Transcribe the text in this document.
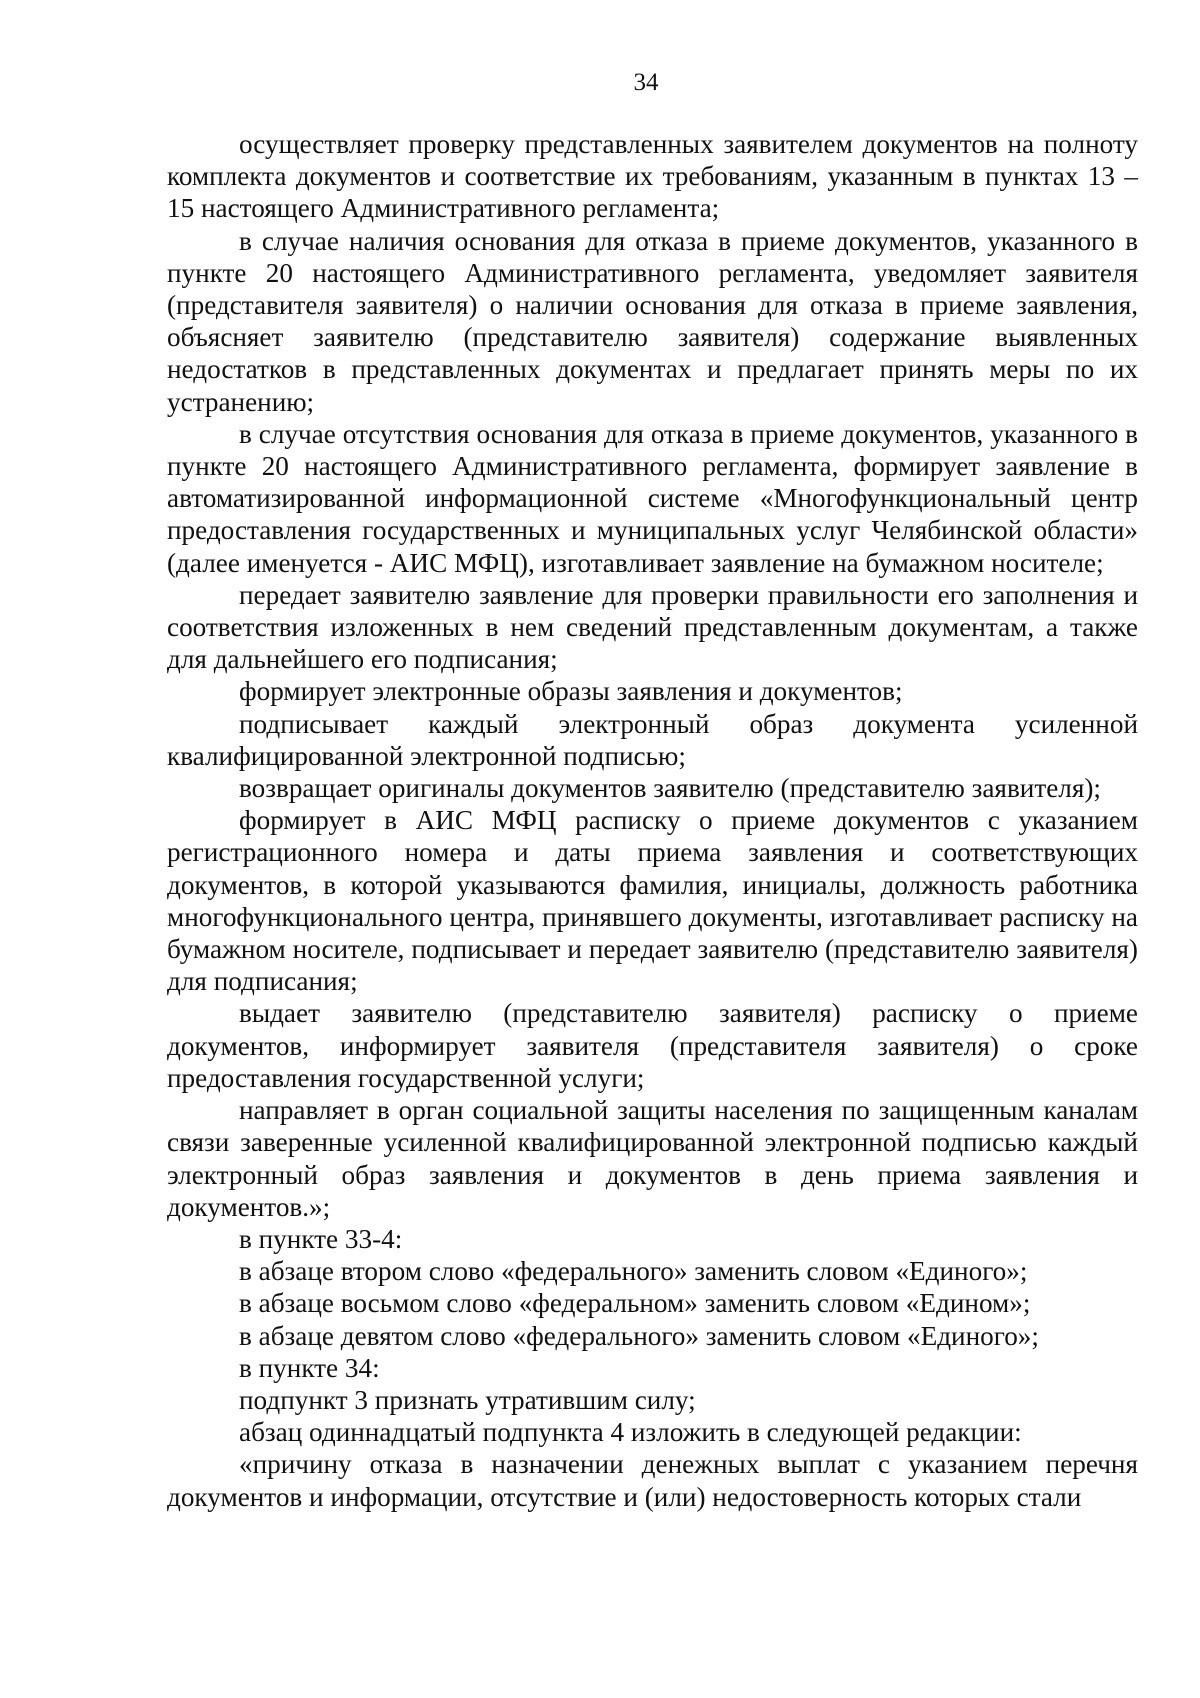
34

осуществляет проверку представленных заявителем документов на полноту комплекта документов и соответствие их требованиям, указанным в пунктах 13 – 15 настоящего Административного регламента;

в случае наличия основания для отказа в приеме документов, указанного в пункте 20 настоящего Административного регламента, уведомляет заявителя (представителя заявителя) о наличии основания для отказа в приеме заявления, объясняет заявителю (представителю заявителя) содержание выявленных недостатков в представленных документах и предлагает принять меры по их устранению;

в случае отсутствия основания для отказа в приеме документов, указанного в пункте 20 настоящего Административного регламента, формирует заявление в автоматизированной информационной системе «Многофункциональный центр предоставления государственных и муниципальных услуг Челябинской области» (далее именуется - АИС МФЦ), изготавливает заявление на бумажном носителе;

передает заявителю заявление для проверки правильности его заполнения и соответствия изложенных в нем сведений представленным документам, а также для дальнейшего его подписания;

формирует электронные образы заявления и документов;

подписывает каждый электронный образ документа усиленной квалифицированной электронной подписью;

возвращает оригиналы документов заявителю (представителю заявителя);

формирует в АИС МФЦ расписку о приеме документов с указанием регистрационного номера и даты приема заявления и соответствующих документов, в которой указываются фамилия, инициалы, должность работника многофункционального центра, принявшего документы, изготавливает расписку на бумажном носителе, подписывает и передает заявителю (представителю заявителя) для подписания;

выдает заявителю (представителю заявителя) расписку о приеме документов, информирует заявителя (представителя заявителя) о сроке предоставления государственной услуги;

направляет в орган социальной защиты населения по защищенным каналам связи заверенные усиленной квалифицированной электронной подписью каждый электронный образ заявления и документов в день приема заявления и документов.»;

в пункте 33-4:

в абзаце втором слово «федерального» заменить словом «Единого»;

в абзаце восьмом слово «федеральном» заменить словом «Едином»;

в абзаце девятом слово «федерального» заменить словом «Единого»;

в пункте 34:

подпункт 3 признать утратившим силу;

абзац одиннадцатый подпункта 4 изложить в следующей редакции:

«причину отказа в назначении денежных выплат с указанием перечня документов и информации, отсутствие и (или) недостоверность которых стали
